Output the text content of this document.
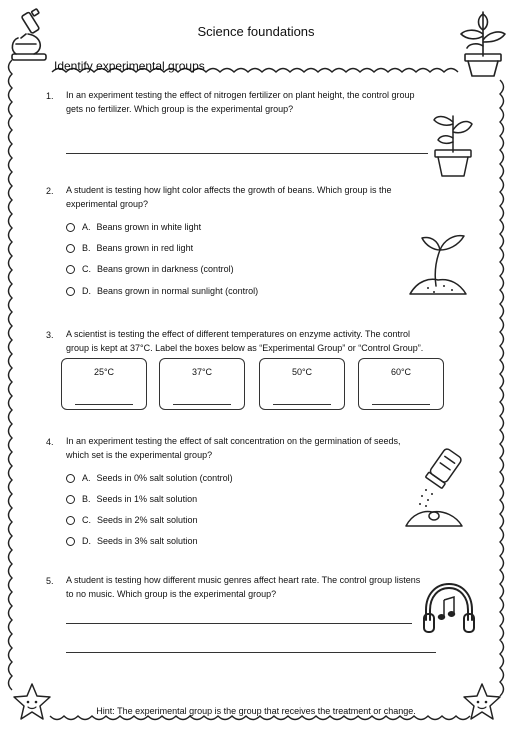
Science foundations
Identify experimental groups
1. In an experiment testing the effect of nitrogen fertilizer on plant height, the control group
gets no fertilizer. Which group is the experimental group?
2. A student is testing how light color affects the growth of beans. Which group is the
experimental group?
A. Beans grown in white light
B. Beans grown in red light
C. Beans grown in darkness (control)
D. Beans grown in normal sunlight (control)
3. A scientist is testing the effect of different temperatures on enzyme activity. The control
group is kept at 37°C. Label the boxes below as “Experimental Group” or “Control Group”.
25°C	37°C	50°C	60°C
4. In an experiment testing the effect of salt concentration on the germination of seeds,
which set is the experimental group?
A. Seeds in 0% salt solution (control)
B. Seeds in 1% salt solution
C. Seeds in 2% salt solution
D. Seeds in 3% salt solution
5. A student is testing how different music genres affect heart rate. The control group listens
to no music. Which group is the experimental group?
Hint: The experimental group is the group that receives the treatment or change.
